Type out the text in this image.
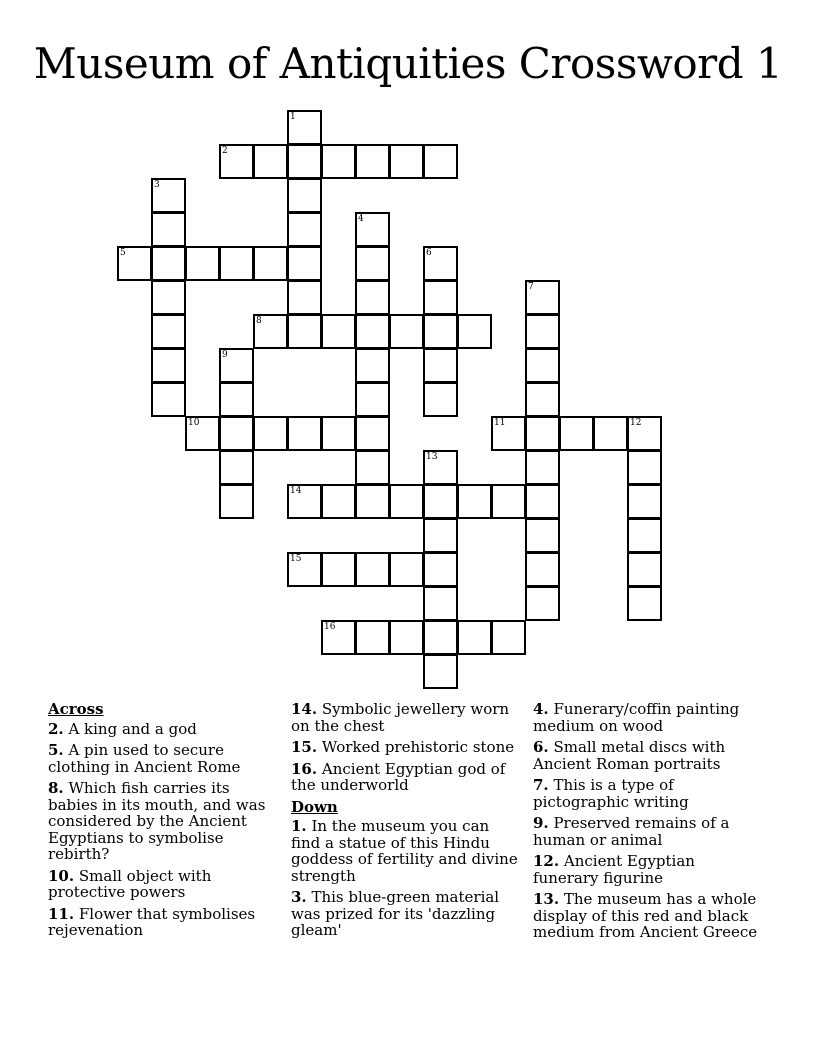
Museum of Antiquities Crossword 1
1
2
3
4
5	6
7
8
9
10	11	12
13
14
15
16
Across
2. A king and a god
5. A pin used to secure clothing in Ancient Rome
8. Which fish carries its babies in its mouth, and was considered by the Ancient Egyptians to symbolise rebirth?
10. Small object with protective powers
11. Flower that symbolises rejevenation
14. Symbolic jewellery worn on the chest
15. Worked prehistoric stone
16. Ancient Egyptian god of the underworld
Down
1. In the museum you can find a statue of this Hindu goddess of fertility and divine strength
3. This blue-green material was prized for its 'dazzling gleam'
4. Funerary/coffin painting medium on wood
6. Small metal discs with Ancient Roman portraits
7. This is a type of pictographic writing
9. Preserved remains of a human or animal
12. Ancient Egyptian funerary figurine
13. The museum has a whole display of this red and black medium from Ancient Greece
